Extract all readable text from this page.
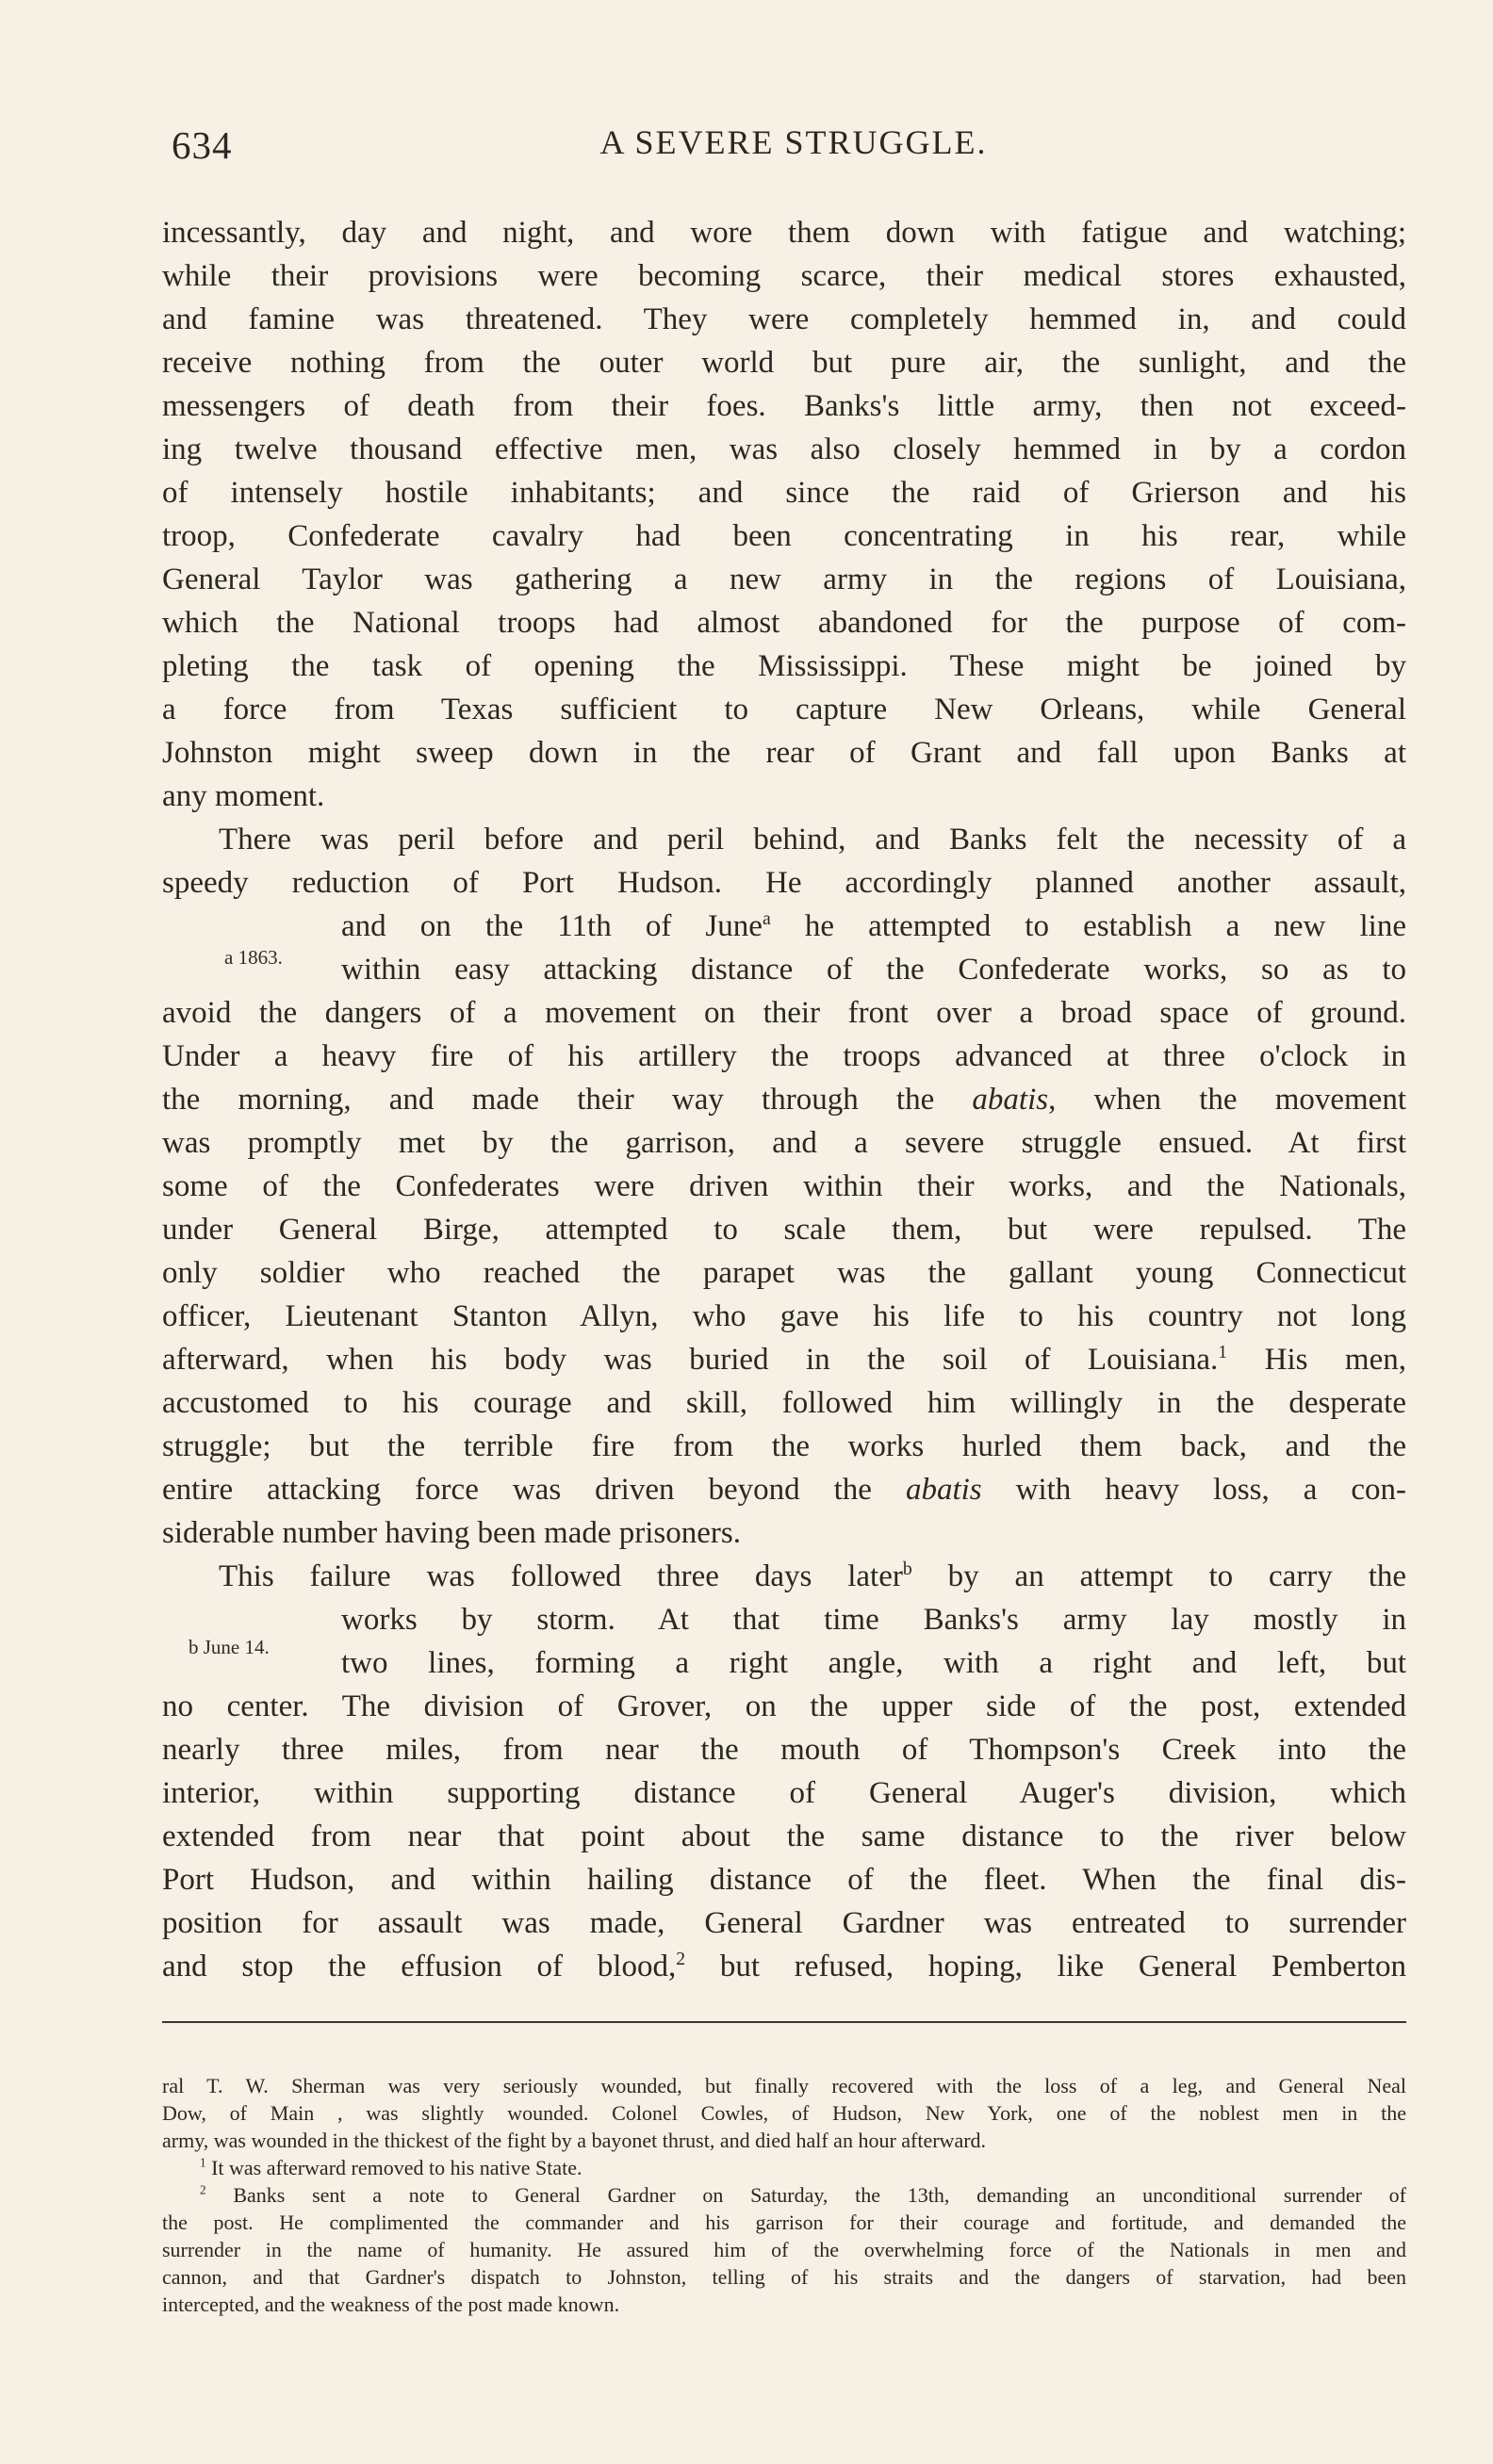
634	A SEVERE STRUGGLE.
incessantly, day and night, and wore them down with fatigue and watching;
while their provisions were becoming scarce, their medical stores exhausted,
and famine was threatened. They were completely hemmed in, and could
receive nothing from the outer world but pure air, the sunlight, and the
messengers of death from their foes. Banks's little army, then not exceed-
ing twelve thousand effective men, was also closely hemmed in by a cordon
of intensely hostile inhabitants; and since the raid of Grierson and his
troop, Confederate cavalry had been concentrating in his rear, while
General Taylor was gathering a new army in the regions of Louisiana,
which the National troops had almost abandoned for the purpose of com-
pleting the task of opening the Mississippi. These might be joined by
a force from Texas sufficient to capture New Orleans, while General
Johnston might sweep down in the rear of Grant and fall upon Banks at
any moment.
There was peril before and peril behind, and Banks felt the necessity of a
speedy reduction of Port Hudson. He accordingly planned another assault,
and on the 11th of June$^a$ he attempted to establish a new line
within easy attacking distance of the Confederate works, so as to
avoid the dangers of a movement on their front over a broad space of ground.
Under a heavy fire of his artillery the troops advanced at three o'clock in
the morning, and made their way through the abatis, when the movement
was promptly met by the garrison, and a severe struggle ensued. At first
some of the Confederates were driven within their works, and the Nationals,
under General Birge, attempted to scale them, but were repulsed. The
only soldier who reached the parapet was the gallant young Connecticut
officer, Lieutenant Stanton Allyn, who gave his life to his country not long
afterward, when his body was buried in the soil of Louisiana.$^1$ His men,
accustomed to his courage and skill, followed him willingly in the desperate
struggle; but the terrible fire from the works hurled them back, and the
entire attacking force was driven beyond the abatis with heavy loss, a con-
siderable number having been made prisoners.
This failure was followed three days later$^b$ by an attempt to carry the
works by storm. At that time Banks's army lay mostly in
two lines, forming a right angle, with a right and left, but
no center. The division of Grover, on the upper side of the post, extended
nearly three miles, from near the mouth of Thompson's Creek into the
interior, within supporting distance of General Auger's division, which
extended from near that point about the same distance to the river below
Port Hudson, and within hailing distance of the fleet. When the final dis-
position for assault was made, General Gardner was entreated to surrender
and stop the effusion of blood,$^2$ but refused, hoping, like General Pemberton
a 1863.
b June 14.
ral T. W. Sherman was very seriously wounded, but finally recovered with the loss of a leg, and General Neal
Dow, of Main , was slightly wounded. Colonel Cowles, of Hudson, New York, one of the noblest men in the
army, was wounded in the thickest of the fight by a bayonet thrust, and died half an hour afterward.
$^1$ It was afterward removed to his native State.
$^2$ Banks sent a note to General Gardner on Saturday, the 13th, demanding an unconditional surrender of
the post. He complimented the commander and his garrison for their courage and fortitude, and demanded the
surrender in the name of humanity. He assured him of the overwhelming force of the Nationals in men and
cannon, and that Gardner's dispatch to Johnston, telling of his straits and the dangers of starvation, had been
intercepted, and the weakness of the post made known.
